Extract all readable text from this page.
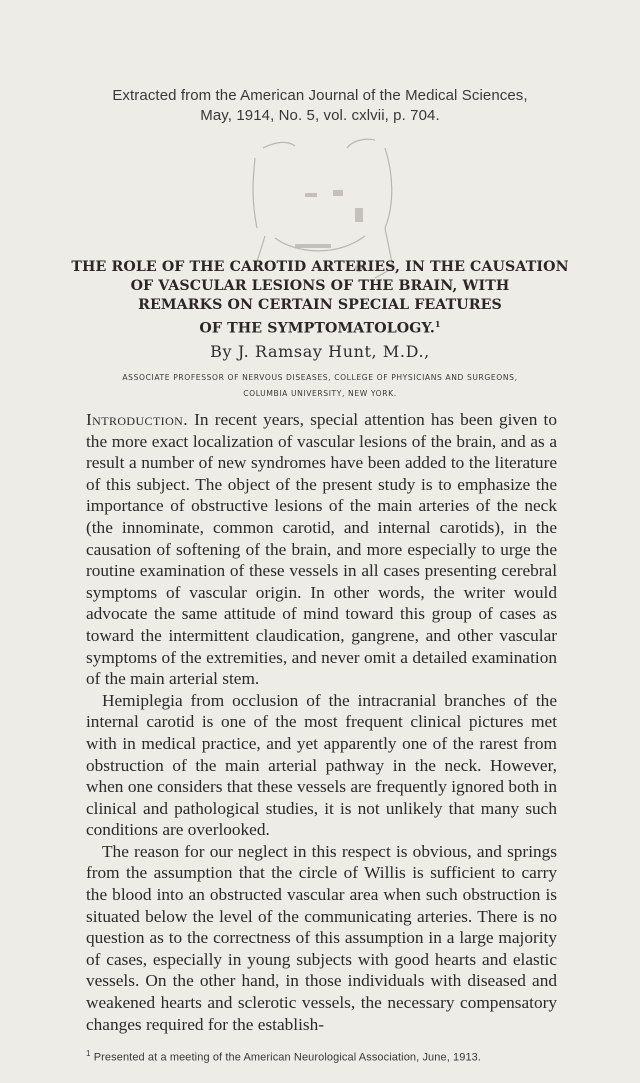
Extracted from the American Journal of the Medical Sciences,
May, 1914, No. 5, vol. cxlvii, p. 704.
THE ROLE OF THE CAROTID ARTERIES, IN THE CAUSATION
OF VASCULAR LESIONS OF THE BRAIN, WITH
REMARKS ON CERTAIN SPECIAL FEATURES
OF THE SYMPTOMATOLOGY.$^1$
By J. Ramsay Hunt, M.D.,
ASSOCIATE PROFESSOR OF NERVOUS DISEASES, COLLEGE OF PHYSICIANS AND SURGEONS,
COLUMBIA UNIVERSITY, NEW YORK.

Introduction. In recent years, special attention has been given to the more exact localization of vascular lesions of the brain, and as a result a number of new syndromes have been added to the literature of this subject. The object of the present study is to emphasize the importance of obstructive lesions of the main arteries of the neck (the innominate, common carotid, and internal carotids), in the causation of softening of the brain, and more especially to urge the routine examination of these vessels in all cases presenting cerebral symptoms of vascular origin. In other words, the writer would advocate the same attitude of mind toward this group of cases as toward the intermittent claudication, gangrene, and other vascular symptoms of the extremities, and never omit a detailed examination of the main arterial stem.

Hemiplegia from occlusion of the intracranial branches of the internal carotid is one of the most frequent clinical pictures met with in medical practice, and yet apparently one of the rarest from obstruction of the main arterial pathway in the neck. However, when one considers that these vessels are frequently ignored both in clinical and pathological studies, it is not unlikely that many such conditions are overlooked.

The reason for our neglect in this respect is obvious, and springs from the assumption that the circle of Willis is sufficient to carry the blood into an obstructed vascular area when such obstruction is situated below the level of the communicating arteries. There is no question as to the correctness of this assumption in a large majority of cases, especially in young subjects with good hearts and elastic vessels. On the other hand, in those individuals with diseased and weakened hearts and sclerotic vessels, the necessary compensatory changes required for the establish-

$^1$ Presented at a meeting of the American Neurological Association, June, 1913.
